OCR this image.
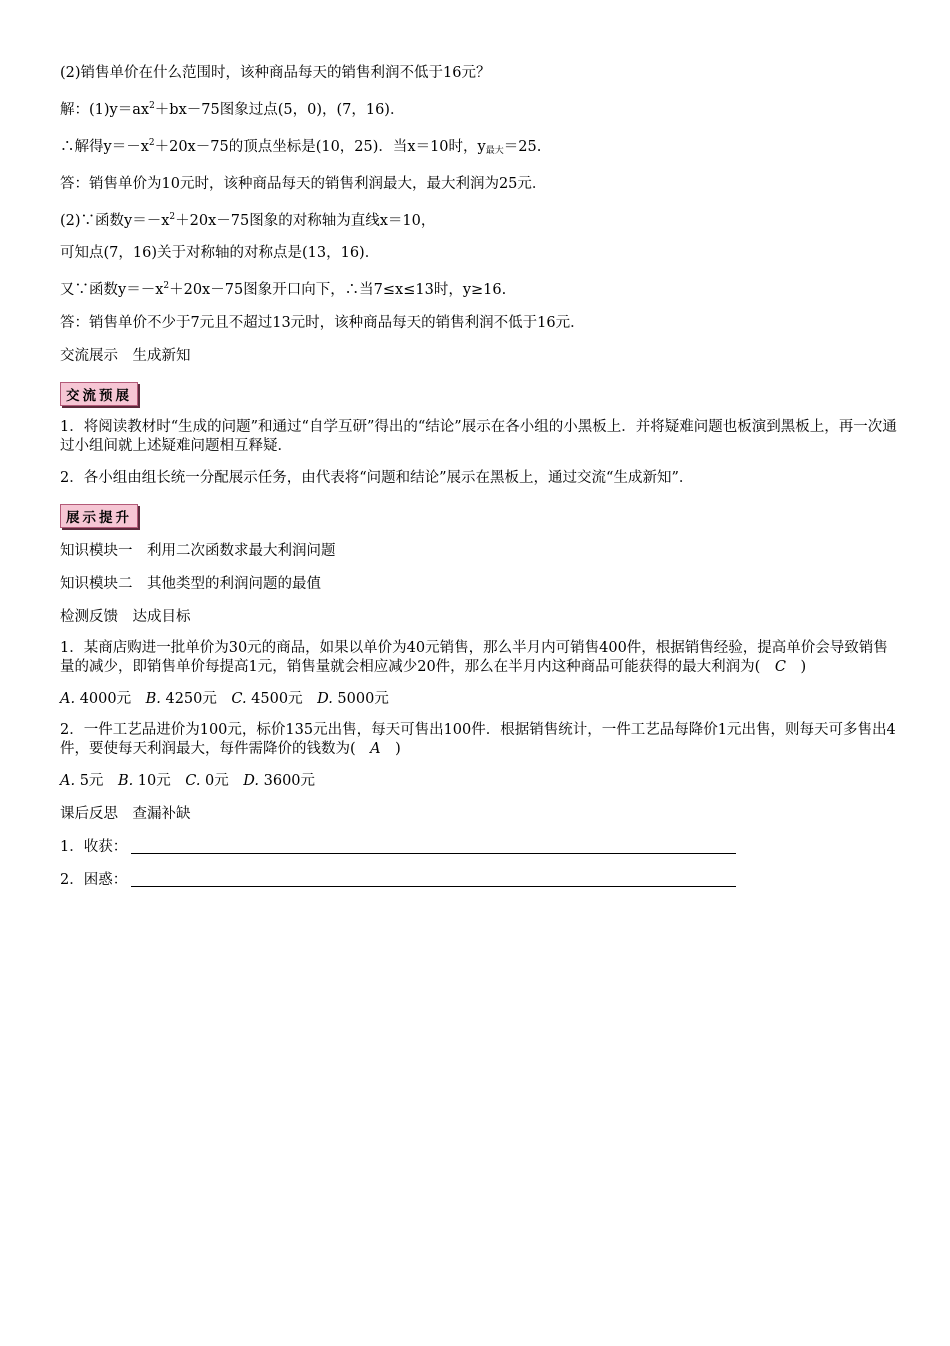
(2)销售单价在什么范围时，该种商品每天的销售利润不低于16元？

解：$(1)y=ax^2+bx-75$图象过点(5，0)，(7，16)．

∴解得$y=-x^2+20x-75$的顶点坐标是(10，25)．当x＝10时，$y_{最大}=25$.

答：销售单价为10元时，该种商品每天的销售利润最大，最大利润为25元．

(2)∵函数$y=-x^2+20x-75$图象的对称轴为直线x＝10，

可知点(7，16)关于对称轴的对称点是(13，16)．

又∵函数$y=-x^2+20x-75$图象开口向下，∴当7≤x≤13时，y≥16.

答：销售单价不少于7元且不超过13元时，该种商品每天的销售利润不低于16元．

交流展示　生成新知

交流预展

1．将阅读教材时“生成的问题”和通过“自学互研”得出的“结论”展示在各小组的小黑板上．并将疑难问题也板演到黑板上，再一次通过小组间就上述疑难问题相互释疑．

2．各小组由组长统一分配展示任务，由代表将“问题和结论”展示在黑板上，通过交流“生成新知”．

展示提升

知识模块一　利用二次函数求最大利润问题

知识模块二　其他类型的利润问题的最值

检测反馈　达成目标

1．某商店购进一批单价为30元的商品，如果以单价为40元销售，那么半月内可销售400件，根据销售经验，提高单价会导致销售量的减少，即销售单价每提高1元，销售量就会相应减少20件，那么在半月内这种商品可能获得的最大利润为(　C　)

A. 4000元　B. 4250元　C. 4500元　D. 5000元

2．一件工艺品进价为100元，标价135元出售，每天可售出100件．根据销售统计，一件工艺品每降价1元出售，则每天可多售出4件，要使每天利润最大，每件需降价的钱数为(　A　)

A. 5元　B. 10元　C. 0元　D. 3600元

课后反思　查漏补缺

1．收获：

2．困惑：
